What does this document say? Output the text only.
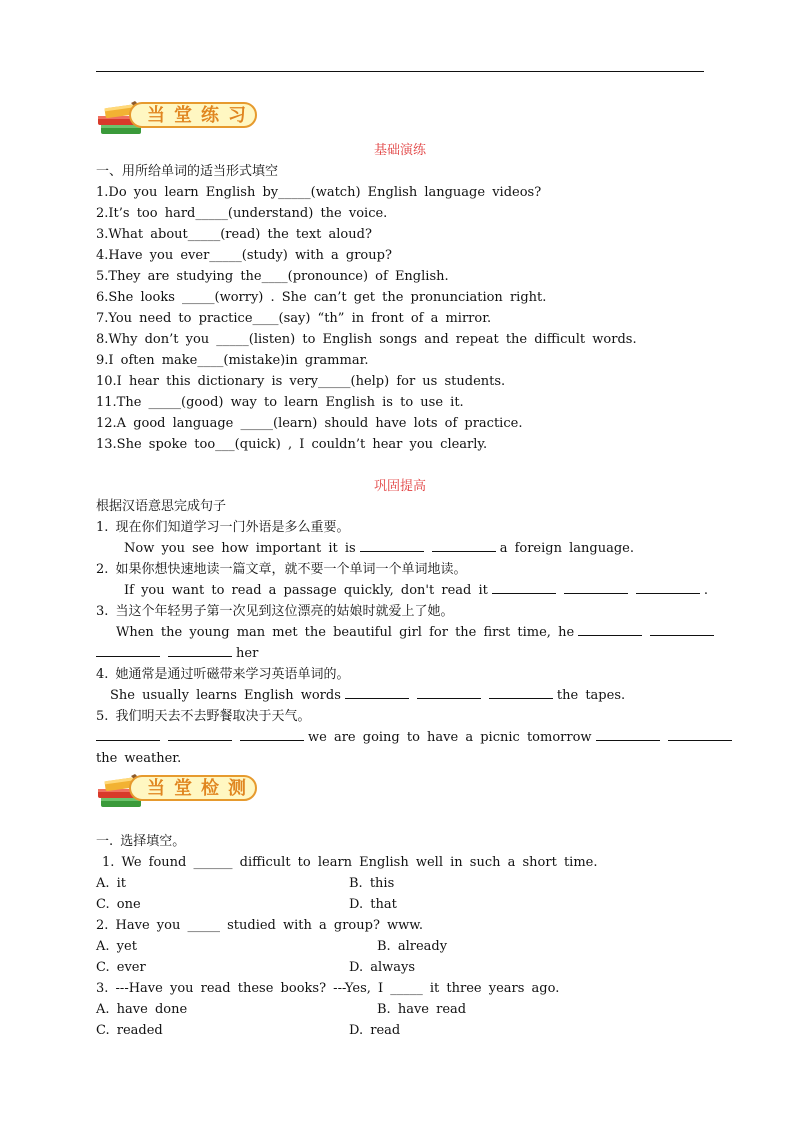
当堂练习
基础演练
一、用所给单词的适当形式填空
1.Do you learn English by_____(watch) English language videos?
2.It’s too hard_____(understand) the voice.
3.What about_____(read) the text aloud?
4.Have you ever_____(study) with a group?
5.They are studying the____(pronounce) of English.
6.She looks _____(worry) . She can’t get the pronunciation right.
7.You need to practice____(say) “th” in front of a mirror.
8.Why don’t you _____(listen) to English songs and repeat the difficult words.
9.I often make____(mistake)in grammar.
10.I hear this dictionary is very_____(help) for us students.
11.The _____(good) way to learn English is to use it.
12.A good language _____(learn) should have lots of practice.
13.She spoke too___(quick) , I couldn’t hear you clearly.
巩固提高
根据汉语意思完成句子
1. 现在你们知道学习一门外语是多么重要。
Now you see how important it is	a foreign language.
2. 如果你想快速地读一篇文章，就不要一个单词一个单词地读。
If you want to read a passage quickly, don't read it	.
3. 当这个年轻男子第一次见到这位漂亮的姑娘时就爱上了她。
When the young man met the beautiful girl for the first time, he
her
4. 她通常是通过听磁带来学习英语单词的。
She usually learns English words	the tapes.
5. 我们明天去不去野餐取决于天气。
we are going to have a picnic tomorrow
the weather.
当堂检测
一. 选择填空。
1. We found ______ difficult to learn English well in such a short time.
A. it	B. this
C. one	D. that
2. Have you _____ studied with a group? www.
A. yet	B. already
C. ever	D. always
3. ---Have you read these books? ---Yes, I _____ it three years ago.
A. have done	B. have read
C. readed	D. read
